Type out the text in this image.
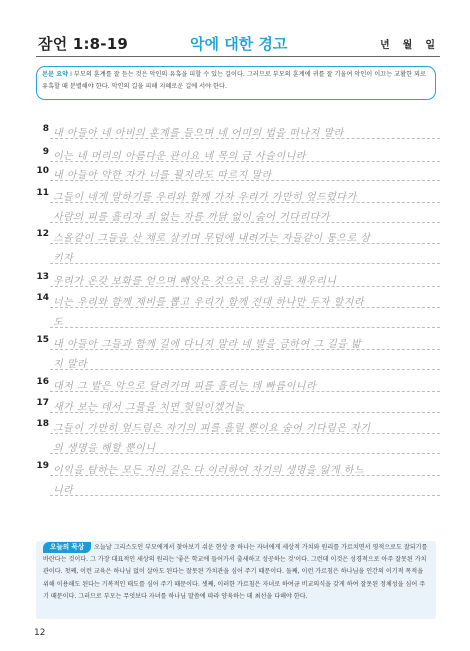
잠언 1:8-19	악에 대한 경고	년 월 일
본문 요약 I 부모의 훈계를 잘 듣는 것은 악인의 유혹을 피할 수 있는 길이다. 그러므로 부모의 훈계에 귀를 잘 기울여 악인이 이끄는 교활한 꾀로 유혹할 때 분별해야 한다. 악인의 길을 피해 지혜로운 길에 서야 한다.
8 내 아들아 네 아비의 훈계를 들으며 네 어미의 법을 떠나지 말라
9 이는 네 머리의 아름다운 관이요 네 목의 금 사슬이니라
10 내 아들아 악한 자가 너를 꾈지라도 따르지 말라
11 그들이 네게 말하기를 우리와 함께 가자 우리가 가만히 엎드렸다가
사람의 피를 흘리자 죄 없는 자를 까닭 없이 숨어 기다리다가
12 스올같이 그들을 산 채로 삼키며 무덤에 내려가는 자들같이 통으로 삼
키자
13 우리가 온갖 보화를 얻으며 빼앗은 것으로 우리 집을 채우리니
14 너는 우리와 함께 제비를 뽑고 우리가 함께 전대 하나만 두자 할지라
도
15 내 아들아 그들과 함께 길에 다니지 말라 네 발을 금하여 그 길을 밟
지 말라
16 대저 그 발은 악으로 달려가며 피를 흘리는 데 빠름이니라
17 새가 보는 데서 그물을 치면 헛일이겠거늘
18 그들이 가만히 엎드림은 자기의 피를 흘릴 뿐이요 숨어 기다림은 자기
의 생명을 해할 뿐이니
19 이익을 탐하는 모든 자의 길은 다 이러하여 자기의 생명을 잃게 하느
니라
오늘의 묵상 오늘날 그리스도인 부모에게서 찾아보기 쉬운 현상 중 하나는 자녀에게 세상적 가치와 원리를 가르치면서 영적으로도 잘되기를 바란다는 것이다. 그 가장 대표적인 세상의 원리는 '좋은 학교에 들어가서 출세하고 성공하는 것'이다. 그런데 이것은 성경적으로 아주 잘못된 가치관이다. 첫째, 이런 교육은 하나님 없이 살아도 된다는 잘못된 가치관을 심어 주기 때문이다. 둘째, 이런 가르침은 하나님을 인간의 이기적 목적을 위해 이용해도 된다는 기복적인 태도를 심어 주기 때문이다. 셋째, 이러한 가르침은 자녀로 하여금 비교의식을 갖게 하여 잘못된 정체성을 심어 주기 때문이다. 그러므로 부모는 무엇보다 자녀를 하나님 말씀에 따라 양육하는 데 최선을 다해야 한다.
12
